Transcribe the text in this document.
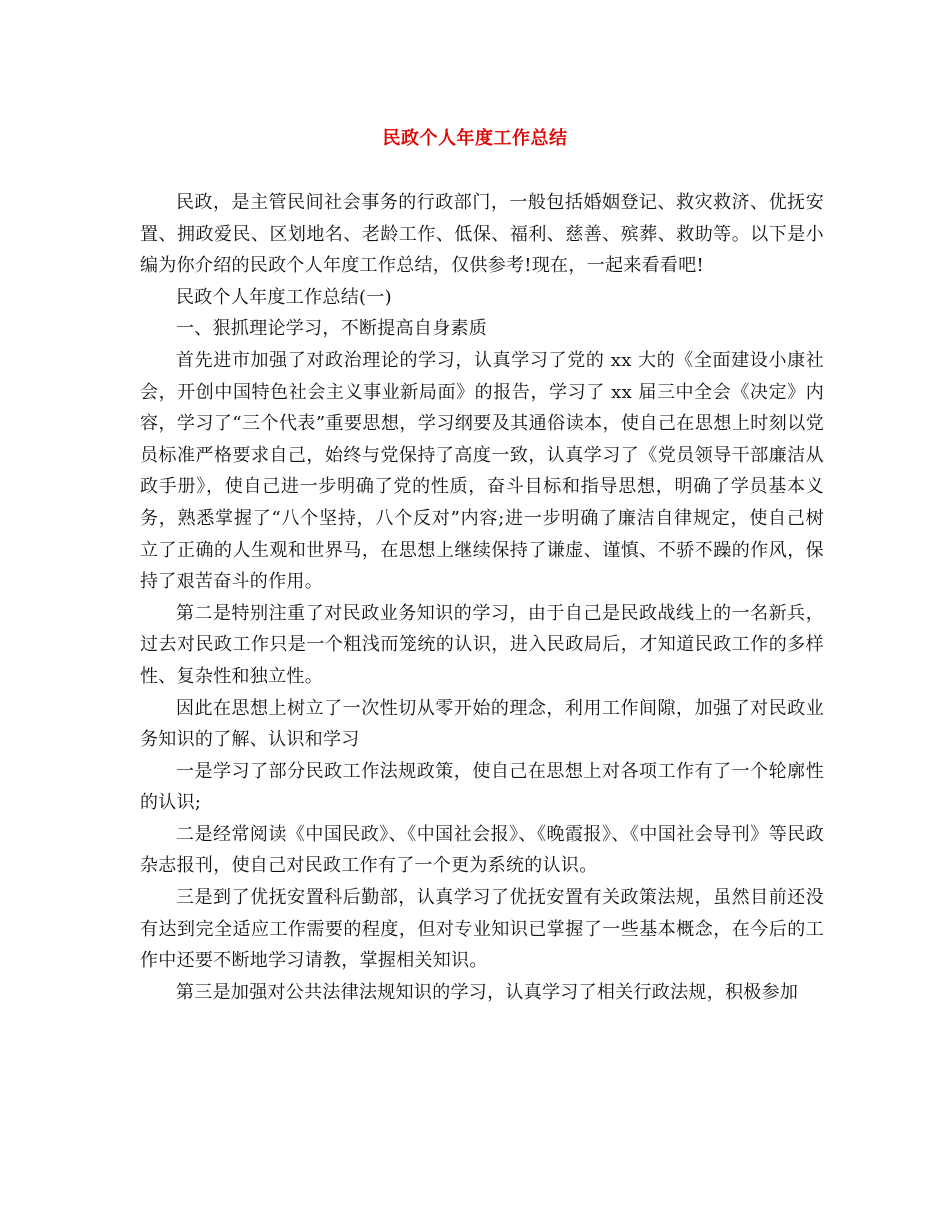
民政个人年度工作总结

民政，是主管民间社会事务的行政部门，一般包括婚姻登记、救灾救济、优抚安置、拥政爱民、区划地名、老龄工作、低保、福利、慈善、殡葬、救助等。以下是小编为你介绍的民政个人年度工作总结，仅供参考!现在，一起来看看吧!

民政个人年度工作总结(一)

一、狠抓理论学习，不断提高自身素质

首先进市加强了对政治理论的学习，认真学习了党的 xx 大的《全面建设小康社会，开创中国特色社会主义事业新局面》的报告，学习了 xx 届三中全会《决定》内容，学习了“三个代表”重要思想，学习纲要及其通俗读本，使自己在思想上时刻以党员标准严格要求自己，始终与党保持了高度一致，认真学习了《党员领导干部廉洁从政手册》，使自己进一步明确了党的性质，奋斗目标和指导思想，明确了学员基本义务，熟悉掌握了“八个坚持，八个反对”内容;进一步明确了廉洁自律规定，使自己树立了正确的人生观和世界马，在思想上继续保持了谦虚、谨慎、不骄不躁的作风，保持了艰苦奋斗的作用。

第二是特别注重了对民政业务知识的学习，由于自己是民政战线上的一名新兵，过去对民政工作只是一个粗浅而笼统的认识，进入民政局后，才知道民政工作的多样性、复杂性和独立性。

因此在思想上树立了一次性切从零开始的理念，利用工作间隙，加强了对民政业务知识的了解、认识和学习

一是学习了部分民政工作法规政策，使自己在思想上对各项工作有了一个轮廓性的认识;

二是经常阅读《中国民政》、《中国社会报》、《晚霞报》、《中国社会导刊》等民政杂志报刊，使自己对民政工作有了一个更为系统的认识。

三是到了优抚安置科后勤部，认真学习了优抚安置有关政策法规，虽然目前还没有达到完全适应工作需要的程度，但对专业知识已掌握了一些基本概念，在今后的工作中还要不断地学习请教，掌握相关知识。

第三是加强对公共法律法规知识的学习，认真学习了相关行政法规，积极参加
